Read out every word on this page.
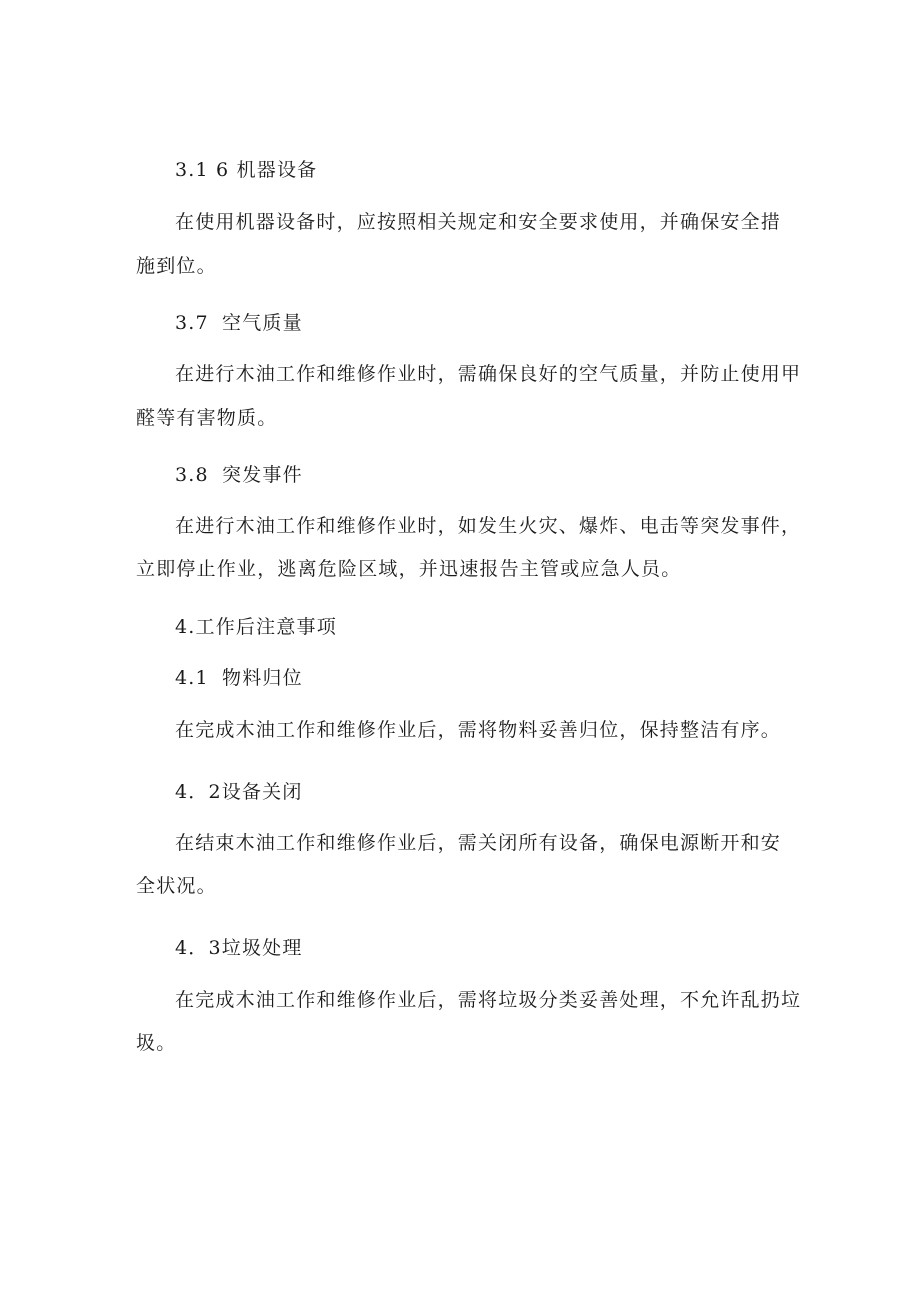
3.1 6 机器设备
在使用机器设备时，应按照相关规定和安全要求使用，并确保安全措
施到位。
3.7 空气质量
在进行木油工作和维修作业时，需确保良好的空气质量，并防止使用甲
醛等有害物质。
3.8 突发事件
在进行木油工作和维修作业时，如发生火灾、爆炸、电击等突发事件，
立即停止作业，逃离危险区域，并迅速报告主管或应急人员。
4.工作后注意事项
4.1 物料归位
在完成木油工作和维修作业后，需将物料妥善归位，保持整洁有序。
4．2设备关闭
在结束木油工作和维修作业后，需关闭所有设备，确保电源断开和安
全状况。
4．3垃圾处理
在完成木油工作和维修作业后，需将垃圾分类妥善处理，不允许乱扔垃
圾。
